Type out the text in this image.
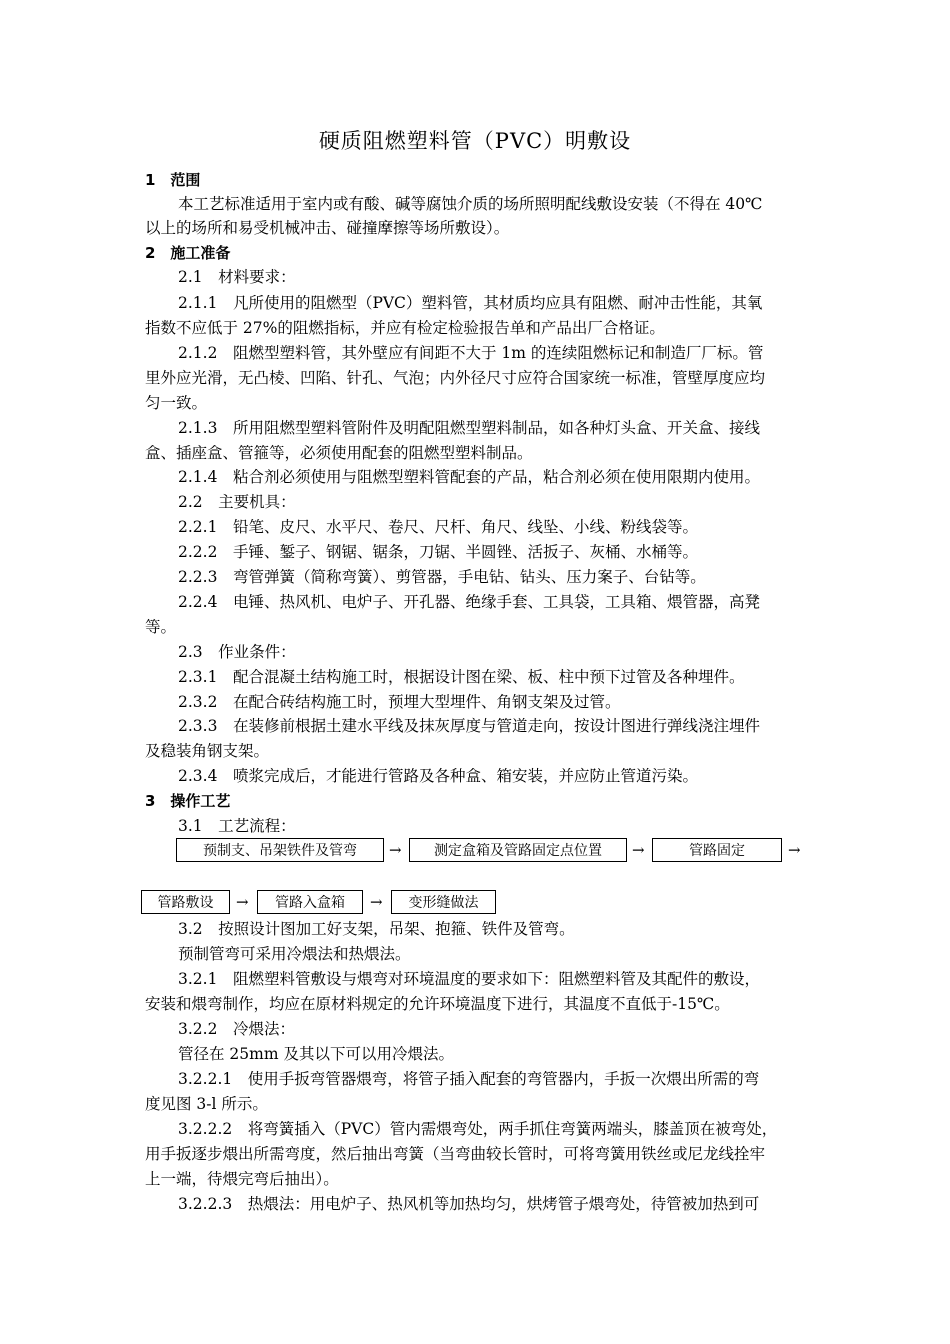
硬质阻燃塑料管（PVC）明敷设
1　范围
本工艺标准适用于室内或有酸、碱等腐蚀介质的场所照明配线敷设安装（不得在 40℃
以上的场所和易受机械冲击、碰撞摩擦等场所敷设）。
2　施工准备
2.1　材料要求：
2.1.1　凡所使用的阻燃型（PVC）塑料管，其材质均应具有阻燃、耐冲击性能，其氧
指数不应低于 27%的阻燃指标，并应有检定检验报告单和产品出厂合格证。
2.1.2　阻燃型塑料管，其外壁应有间距不大于 1m 的连续阻燃标记和制造厂厂标。管
里外应光滑，无凸棱、凹陷、针孔、气泡；内外径尺寸应符合国家统一标准，管壁厚度应均
匀一致。
2.1.3　所用阻燃型塑料管附件及明配阻燃型塑料制品，如各种灯头盒、开关盒、接线
盒、插座盒、管箍等，必须使用配套的阻燃型塑料制品。
2.1.4　粘合剂必须使用与阻燃型塑料管配套的产品，粘合剂必须在使用限期内使用。
2.2　主要机具：
2.2.1　铅笔、皮尺、水平尺、卷尺、尺杆、角尺、线坠、小线、粉线袋等。
2.2.2　手锤、錾子、钢锯、锯条，刀锯、半圆锉、活扳子、灰桶、水桶等。
2.2.3　弯管弹簧（简称弯簧）、剪管器，手电钻、钻头、压力案子、台钻等。
2.2.4　电锤、热风机、电炉子、开孔器、绝缘手套、工具袋，工具箱、煨管器，高凳
等。
2.3　作业条件：
2.3.1　配合混凝土结构施工时，根据设计图在梁、板、柱中预下过管及各种埋件。
2.3.2　在配合砖结构施工时，预埋大型埋件、角钢支架及过管。
2.3.3　在装修前根据土建水平线及抹灰厚度与管道走向，按设计图进行弹线浇注埋件
及稳装角钢支架。
2.3.4　喷浆完成后，才能进行管路及各种盒、箱安装，并应防止管道污染。
3　操作工艺
3.1　工艺流程：
预制支、吊架铁件及管弯	→	测定盒箱及管路固定点位置	→	管路固定	→
管路敷设	→	管路入盒箱	→	变形缝做法
3.2　按照设计图加工好支架，吊架、抱箍、铁件及管弯。
预制管弯可采用冷煨法和热煨法。
3.2.1　阻燃塑料管敷设与煨弯对环境温度的要求如下：阻燃塑料管及其配件的敷设，
安装和煨弯制作，均应在原材料规定的允许环境温度下进行，其温度不直低于-15℃。
3.2.2　冷煨法：
管径在 25mm 及其以下可以用冷煨法。
3.2.2.1　使用手扳弯管器煨弯，将管子插入配套的弯管器内，手扳一次煨出所需的弯
度见图 3-l 所示。
3.2.2.2　将弯簧插入（PVC）管内需煨弯处，两手抓住弯簧两端头，膝盖顶在被弯处，
用手扳逐步煨出所需弯度，然后抽出弯簧（当弯曲较长管时，可将弯簧用铁丝或尼龙线拴牢
上一端，待煨完弯后抽出）。
3.2.2.3　热煨法：用电炉子、热风机等加热均匀，烘烤管子煨弯处，待管被加热到可
